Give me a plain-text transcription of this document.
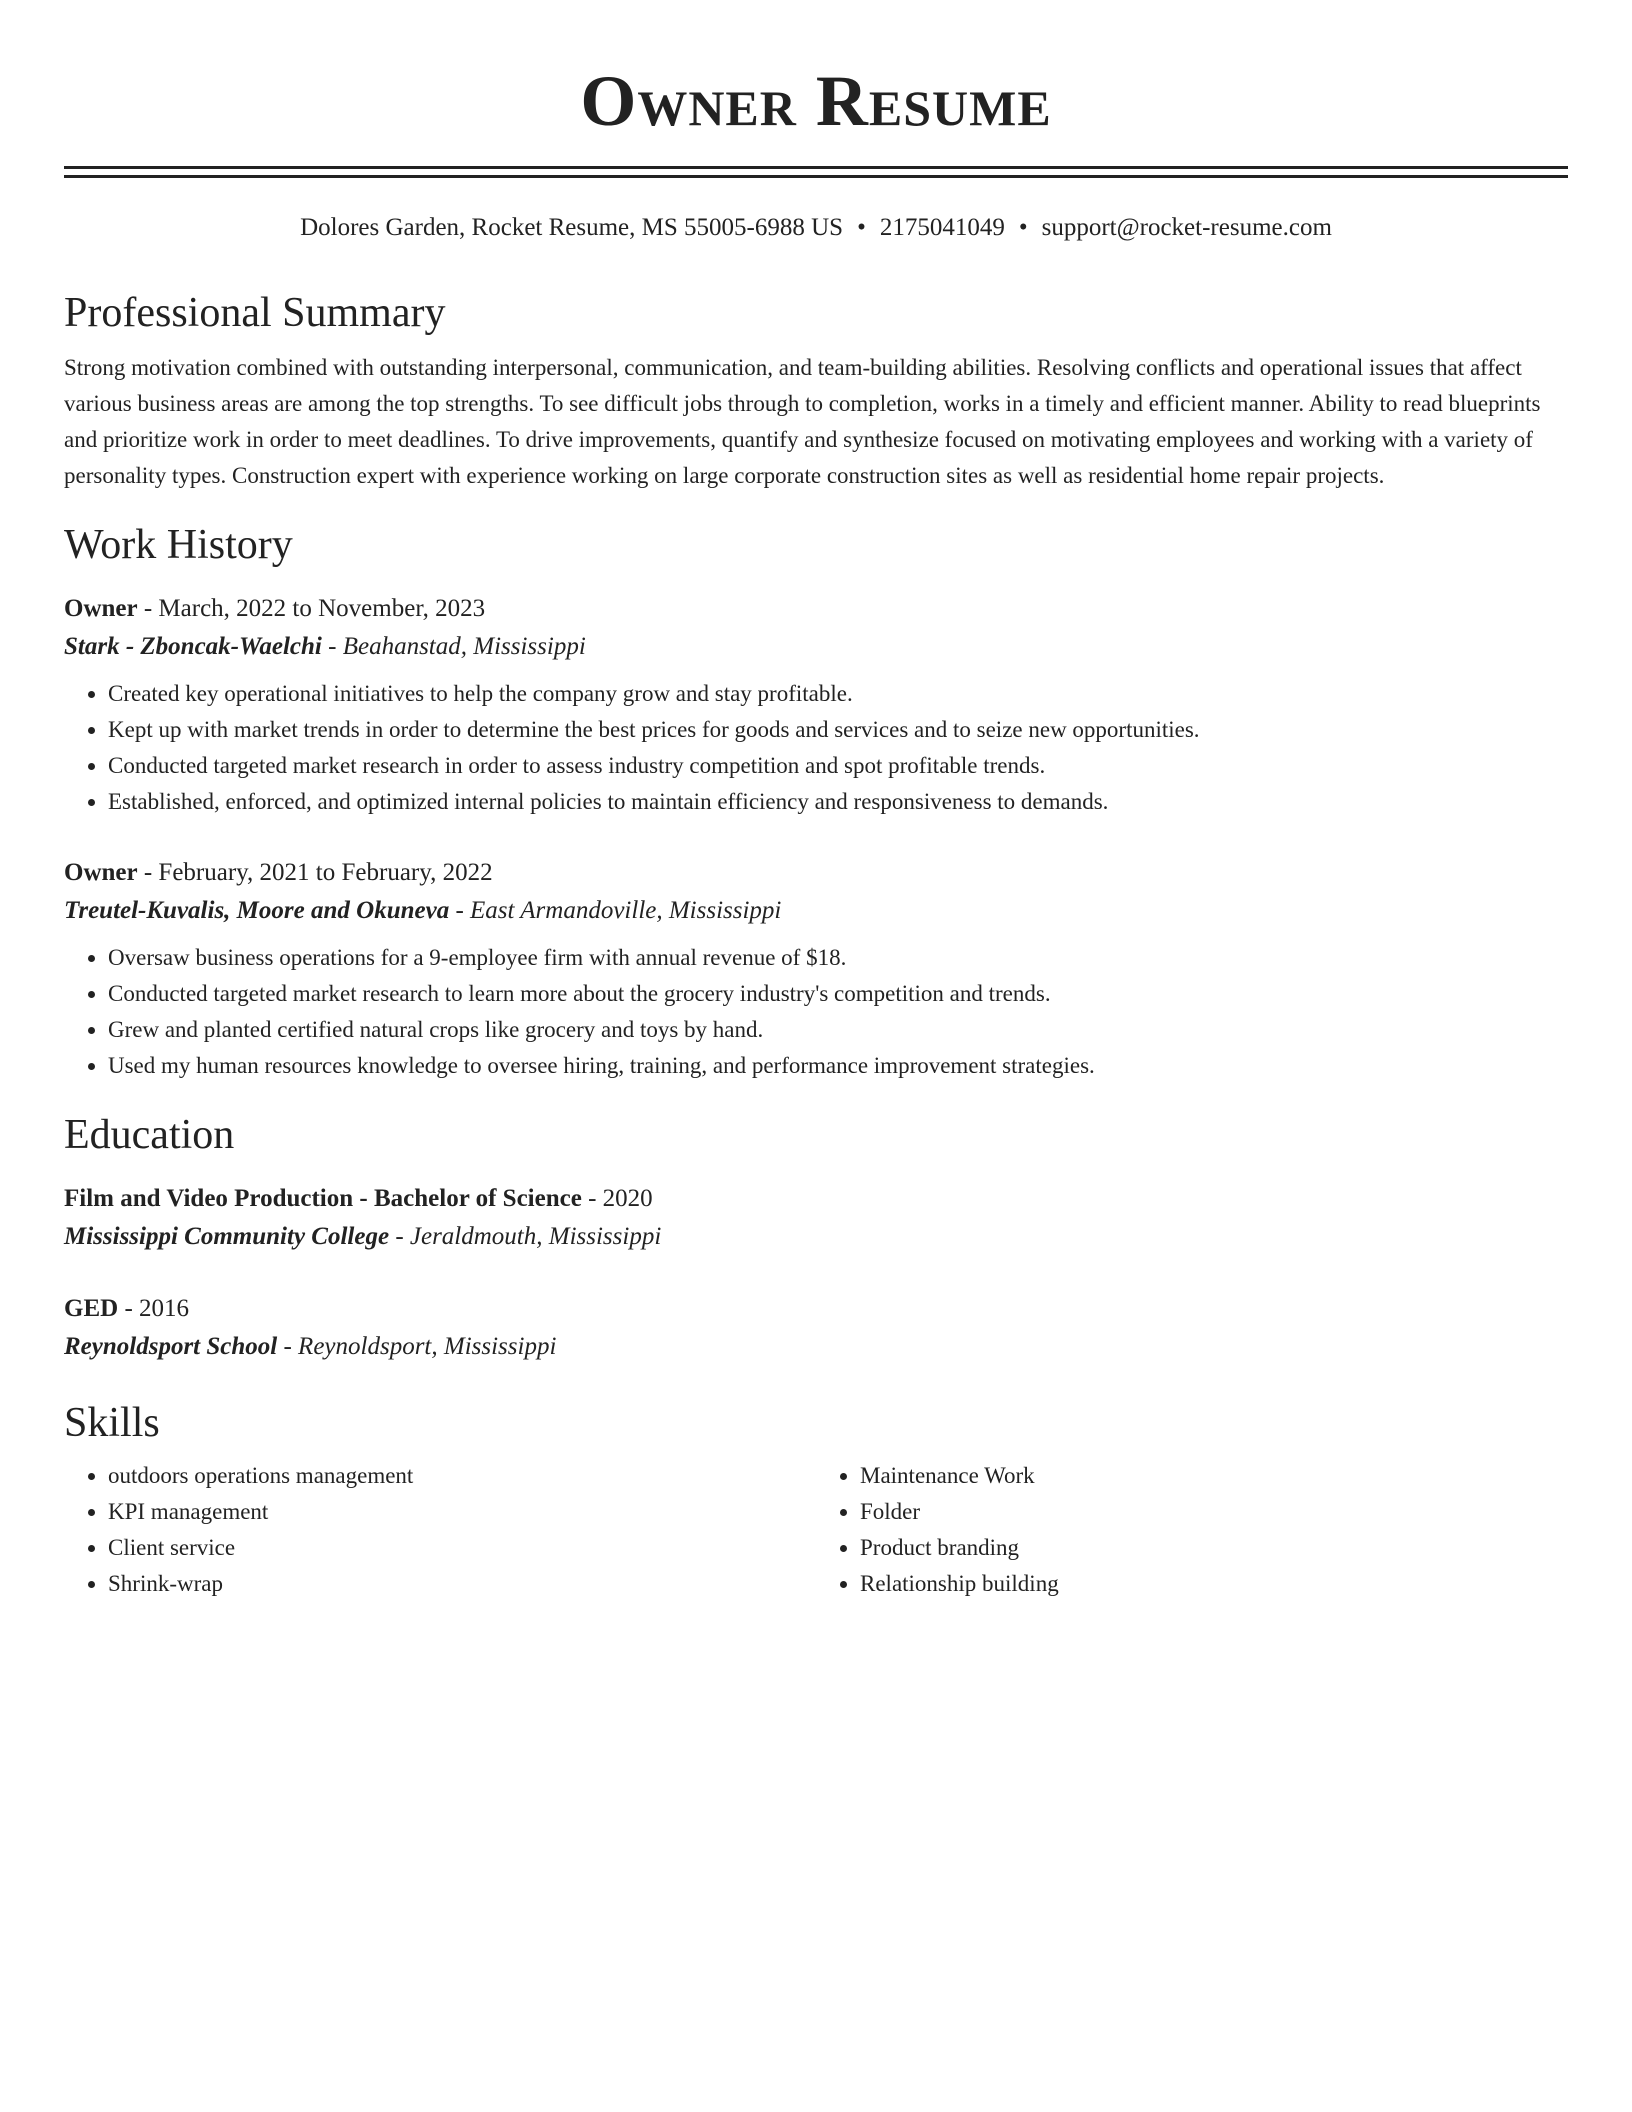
Owner Resume
Dolores Garden, Rocket Resume, MS 55005-6988 US • 2175041049 • support@rocket-resume.com
Professional Summary
Strong motivation combined with outstanding interpersonal, communication, and team-building abilities. Resolving conflicts and operational issues that affect various business areas are among the top strengths. To see difficult jobs through to completion, works in a timely and efficient manner. Ability to read blueprints and prioritize work in order to meet deadlines. To drive improvements, quantify and synthesize focused on motivating employees and working with a variety of personality types. Construction expert with experience working on large corporate construction sites as well as residential home repair projects.
Work History
Owner - March, 2022 to November, 2023
Stark - Zboncak-Waelchi - Beahanstad, Mississippi
• Created key operational initiatives to help the company grow and stay profitable.
• Kept up with market trends in order to determine the best prices for goods and services and to seize new opportunities.
• Conducted targeted market research in order to assess industry competition and spot profitable trends.
• Established, enforced, and optimized internal policies to maintain efficiency and responsiveness to demands.
Owner - February, 2021 to February, 2022
Treutel-Kuvalis, Moore and Okuneva - East Armandoville, Mississippi
• Oversaw business operations for a 9-employee firm with annual revenue of $18.
• Conducted targeted market research to learn more about the grocery industry's competition and trends.
• Grew and planted certified natural crops like grocery and toys by hand.
• Used my human resources knowledge to oversee hiring, training, and performance improvement strategies.
Education
Film and Video Production - Bachelor of Science - 2020
Mississippi Community College - Jeraldmouth, Mississippi
GED - 2016
Reynoldsport School - Reynoldsport, Mississippi
Skills
• outdoors operations management
• KPI management
• Client service
• Shrink-wrap
• Maintenance Work
• Folder
• Product branding
• Relationship building
